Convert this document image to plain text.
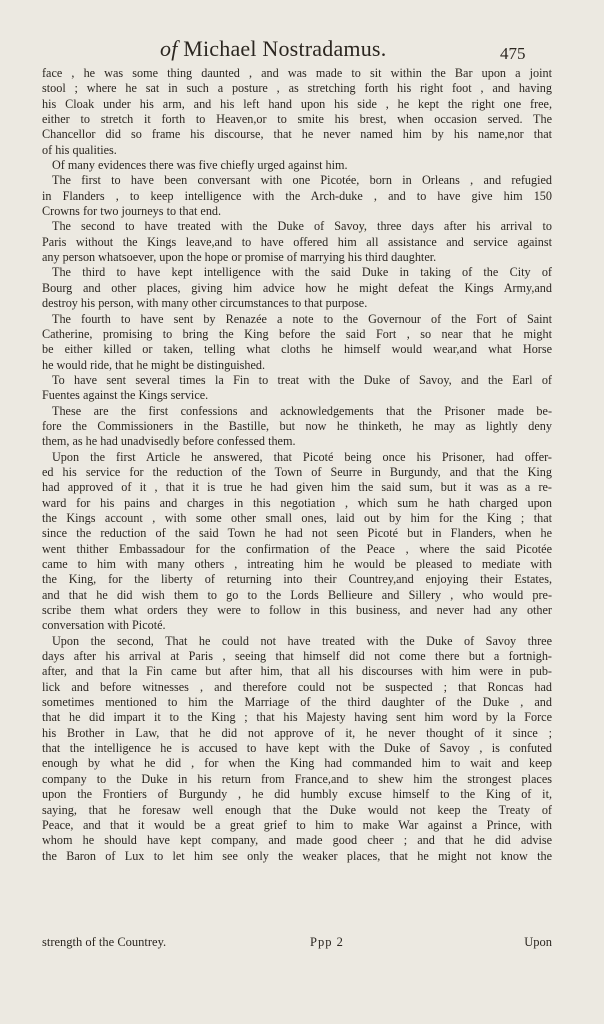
of Michael Nostradamus.	475
face , he was some thing daunted , and was made to sit within the Bar upon a joint
stool ; where he sat in such a posture , as stretching forth his right foot , and having
his Cloak under his arm, and his left hand upon his side , he kept the right one free,
either to stretch it forth to Heaven,or to smite his brest, when occasion served. The
Chancellor did so frame his discourse, that he never named him by his name,nor that
of his qualities.
Of many evidences there was five chiefly urged against him.
The first to have been conversant with one Picotée, born in Orleans , and refugied
in Flanders , to keep intelligence with the Arch-duke , and to have give him 150
Crowns for two journeys to that end.
The second to have treated with the Duke of Savoy, three days after his arrival to
Paris without the Kings leave,and to have offered him all assistance and service against
any person whatsoever, upon the hope or promise of marrying his third daughter.
The third to have kept intelligence with the said Duke in taking of the City of
Bourg and other places, giving him advice how he might defeat the Kings Army,and
destroy his person, with many other circumstances to that purpose.
The fourth to have sent by Renazée a note to the Governour of the Fort of Saint
Catherine, promising to bring the King before the said Fort , so near that he might
be either killed or taken, telling what cloths he himself would wear,and what Horse
he would ride, that he might be distinguished.
To have sent several times la Fin to treat with the Duke of Savoy, and the Earl of
Fuentes against the Kings service.
These are the first confessions and acknowledgements that the Prisoner made be-
fore the Commissioners in the Bastille, but now he thinketh, he may as lightly deny
them, as he had unadvisedly before confessed them.
Upon the first Article he answered, that Picoté being once his Prisoner, had offer-
ed his service for the reduction of the Town of Seurre in Burgundy, and that the King
had approved of it , that it is true he had given him the said sum, but it was as a re-
ward for his pains and charges in this negotiation , which sum he hath charged upon
the Kings account , with some other small ones, laid out by him for the King ; that
since the reduction of the said Town he had not seen Picoté but in Flanders, when he
went thither Embassadour for the confirmation of the Peace , where the said Picotée
came to him with many others , intreating him he would be pleased to mediate with
the King, for the liberty of returning into their Countrey,and enjoying their Estates,
and that he did wish them to go to the Lords Bellieure and Sillery , who would pre-
scribe them what orders they were to follow in this business, and never had any other
conversation with Picoté.
Upon the second, That he could not have treated with the Duke of Savoy three
days after his arrival at Paris , seeing that himself did not come there but a fortnigh-
after, and that la Fin came but after him, that all his discourses with him were in pub-
lick and before witnesses , and therefore could not be suspected ; that Roncas had
sometimes mentioned to him the Marriage of the third daughter of the Duke , and
that he did impart it to the King ; that his Majesty having sent him word by la Force
his Brother in Law, that he did not approve of it, he never thought of it since ;
that the intelligence he is accused to have kept with the Duke of Savoy , is confuted
enough by what he did , for when the King had commanded him to wait and keep
company to the Duke in his return from France,and to shew him the strongest places
upon the Frontiers of Burgundy , he did humbly excuse himself to the King of it,
saying, that he foresaw well enough that the Duke would not keep the Treaty of
Peace, and that it would be a great grief to him to make War against a Prince, with
whom he should have kept company, and made good cheer ; and that he did advise
the Baron of Lux to let him see only the weaker places, that he might not know the
strength of the Countrey.	Ppp 2	Upon
